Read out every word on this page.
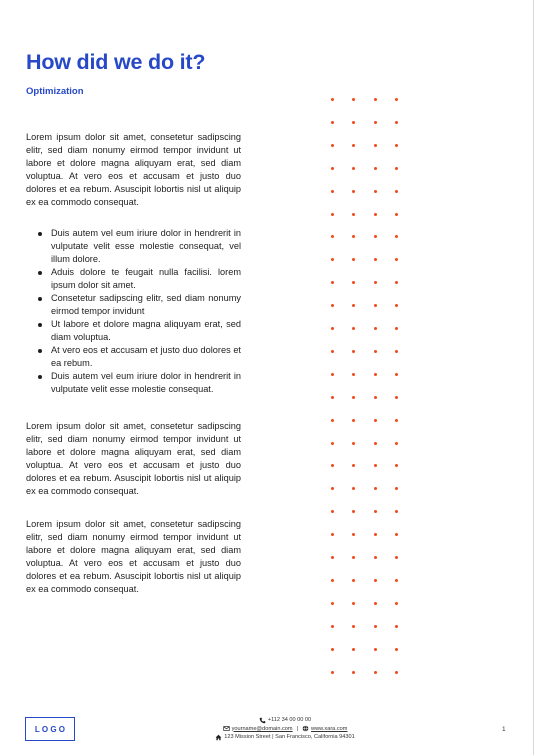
How did we do it?
Optimization

Lorem ipsum dolor sit amet, consetetur sadipscing elitr, sed diam nonumy eirmod tempor invidunt ut labore et dolore magna aliquyam erat, sed diam voluptua. At vero eos et accusam et justo duo dolores et ea rebum. Asuscipit lobortis nisl ut aliquip ex ea commodo consequat.

Duis autem vel eum iriure dolor in hendrerit in vulputate velit esse molestie consequat, vel illum dolore.
Aduis dolore te feugait nulla facilisi. lorem ipsum dolor sit amet.
Consetetur sadipscing elitr, sed diam nonumy eirmod tempor invidunt
Ut labore et dolore magna aliquyam erat, sed diam voluptua.
At vero eos et accusam et justo duo dolores et ea rebum.
Duis autem vel eum iriure dolor in hendrerit in vulputate velit esse molestie consequat.

Lorem ipsum dolor sit amet, consetetur sadipscing elitr, sed diam nonumy eirmod tempor invidunt ut labore et dolore magna aliquyam erat, sed diam voluptua. At vero eos et accusam et justo duo dolores et ea rebum. Asuscipit lobortis nisl ut aliquip ex ea commodo consequat.

Lorem ipsum dolor sit amet, consetetur sadipscing elitr, sed diam nonumy eirmod tempor invidunt ut labore et dolore magna aliquyam erat, sed diam voluptua. At vero eos et accusam et justo duo dolores et ea rebum. Asuscipit lobortis nisl ut aliquip ex ea commodo consequat.

LOGO
+112 34 00 00 00
yourname@domain.com |	www.xara.com
123 Mission Street | San Francisco, California 94301
1
